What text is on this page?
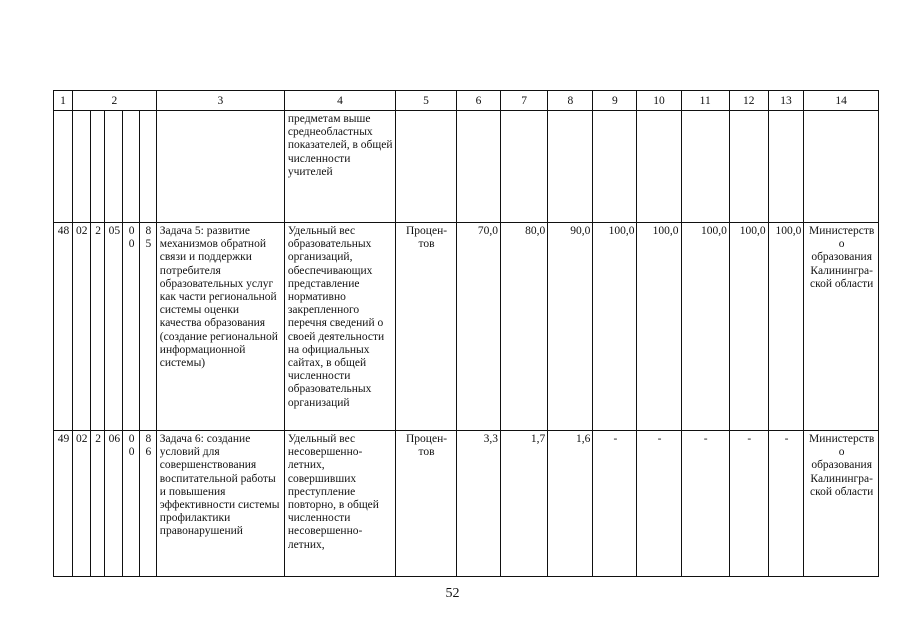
1	2					3	4	5	6	7	8	9	10	11	12	13	14
							предметам выше среднеобластных показателей, в общей численности учителей										
48	02	2	05	00	85	Задача 5: развитие механизмов обратной связи и поддержки потребителя образовательных услуг как части региональной системы оценки качества образования (создание региональной информационной системы)	Удельный вес образовательных организаций, обеспечивающих представление нормативно закрепленного перечня сведений о своей деятельности на официальных сайтах, в общей численности образовательных организаций	Процен-тов	70,0	80,0	90,0	100,0	100,0	100,0	100,0	100,0	Министерство образования Калинингра-ской области
49	02	2	06	00	86	Задача 6: создание условий для совершенствования воспитательной работы и повышения эффективности системы профилактики правонарушений	Удельный вес несовершенно-летних, совершивших преступление повторно, в общей численности несовершенно-летних,	Процен-тов	3,3	1,7	1,6	-	-	-	-	-	Министерство образования Калинингра-ской области
52
